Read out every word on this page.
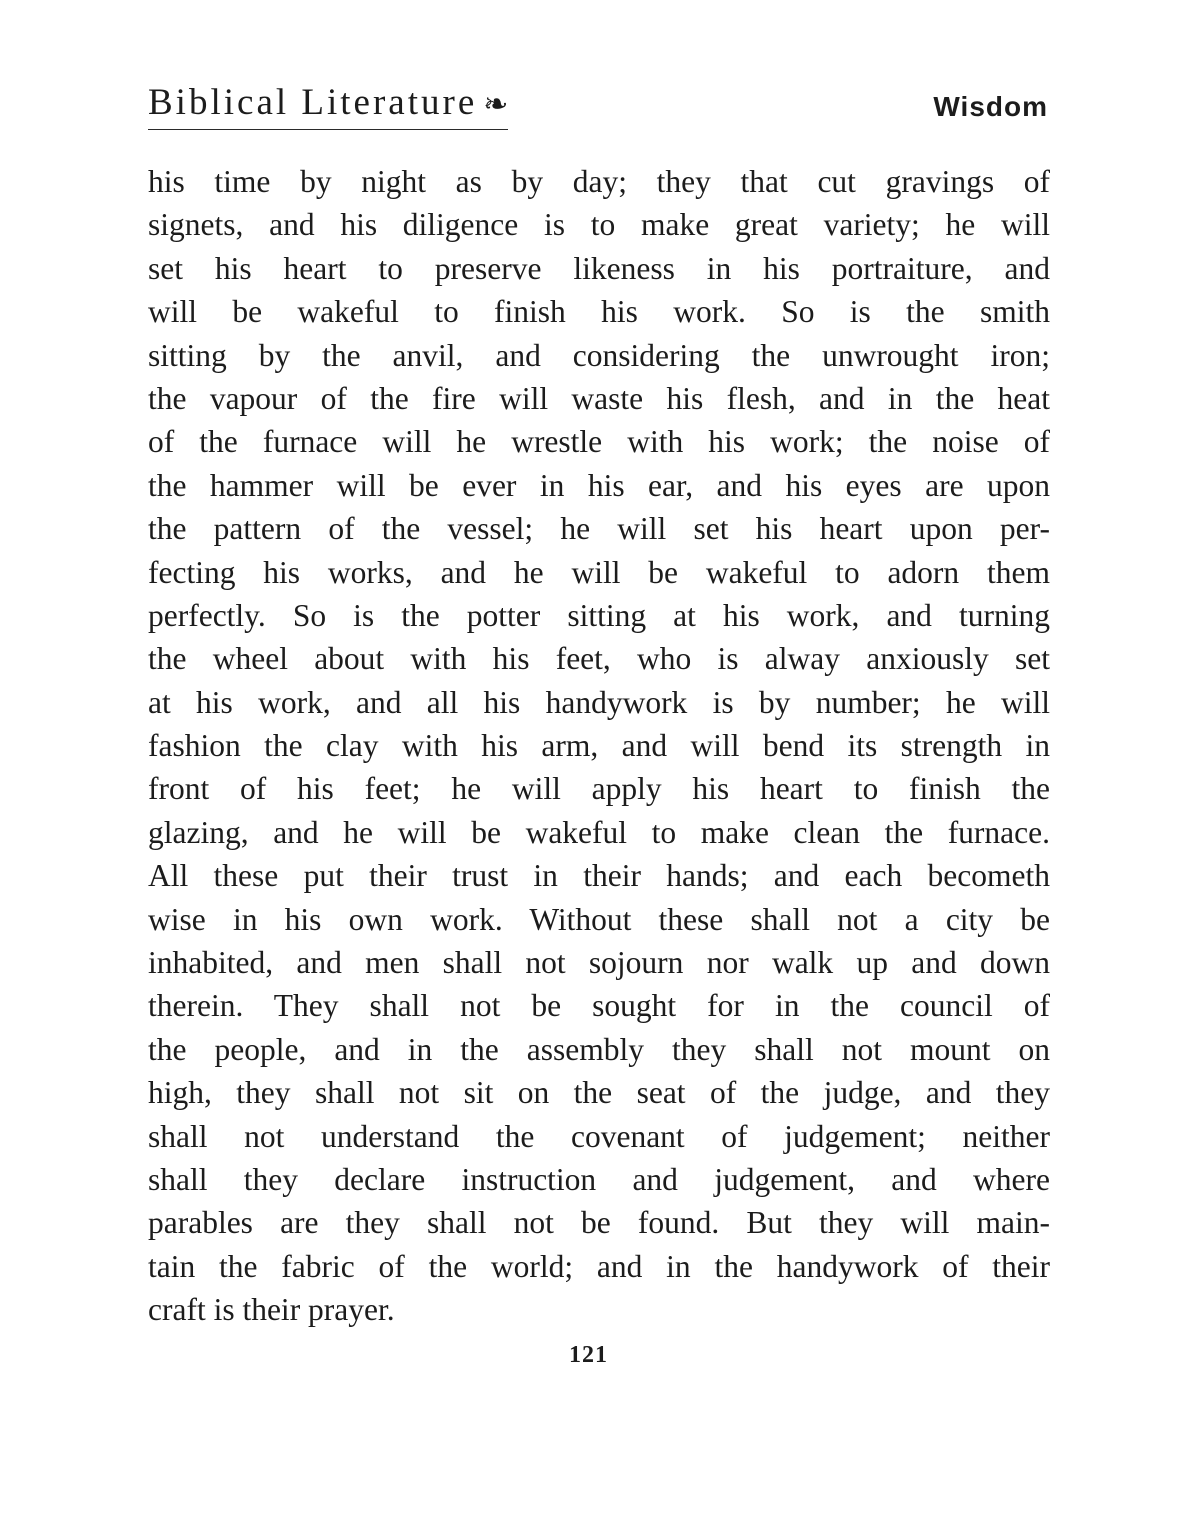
Biblical Literature ❧	Wisdom
his time by night as by day; they that cut gravings of
signets, and his diligence is to make great variety; he will
set his heart to preserve likeness in his portraiture, and
will be wakeful to finish his work. So is the smith
sitting by the anvil, and considering the unwrought iron;
the vapour of the fire will waste his flesh, and in the heat
of the furnace will he wrestle with his work; the noise of
the hammer will be ever in his ear, and his eyes are upon
the pattern of the vessel; he will set his heart upon per-
fecting his works, and he will be wakeful to adorn them
perfectly. So is the potter sitting at his work, and turning
the wheel about with his feet, who is alway anxiously set
at his work, and all his handywork is by number; he will
fashion the clay with his arm, and will bend its strength in
front of his feet; he will apply his heart to finish the
glazing, and he will be wakeful to make clean the furnace.
All these put their trust in their hands; and each becometh
wise in his own work. Without these shall not a city be
inhabited, and men shall not sojourn nor walk up and down
therein. They shall not be sought for in the council of
the people, and in the assembly they shall not mount on
high, they shall not sit on the seat of the judge, and they
shall not understand the covenant of judgement; neither
shall they declare instruction and judgement, and where
parables are they shall not be found. But they will main-
tain the fabric of the world; and in the handywork of their
craft is their prayer.
121
